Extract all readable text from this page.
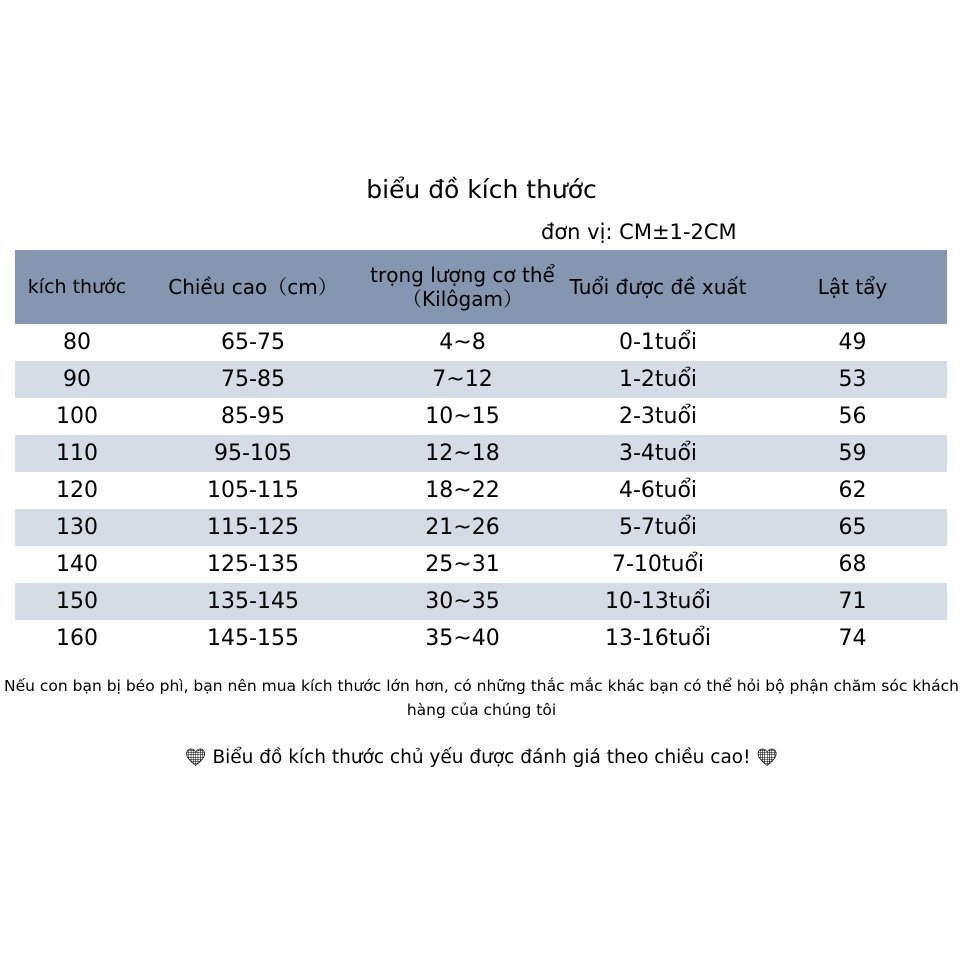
biểu đồ kích thước
đơn vị: CM±1-2CM
kích thước	Chiều cao（cm）	trọng lượng cơ thể（Kilôgam）	Tuổi được đề xuất	Lật tẩy
80	65-75	4~8	0-1tuổi	49
90	75-85	7~12	1-2tuổi	53
100	85-95	10~15	2-3tuổi	56
110	95-105	12~18	3-4tuổi	59
120	105-115	18~22	4-6tuổi	62
130	115-125	21~26	5-7tuổi	65
140	125-135	25~31	7-10tuổi	68
150	135-145	30~35	10-13tuổi	71
160	145-155	35~40	13-16tuổi	74
Nếu con bạn bị béo phì, bạn nên mua kích thước lớn hơn, có những thắc mắc khác bạn có thể hỏi bộ phận chăm sóc khách hàng của chúng tôi
🖤︎ Biểu đồ kích thước chủ yếu được đánh giá theo chiều cao! 🖤︎
